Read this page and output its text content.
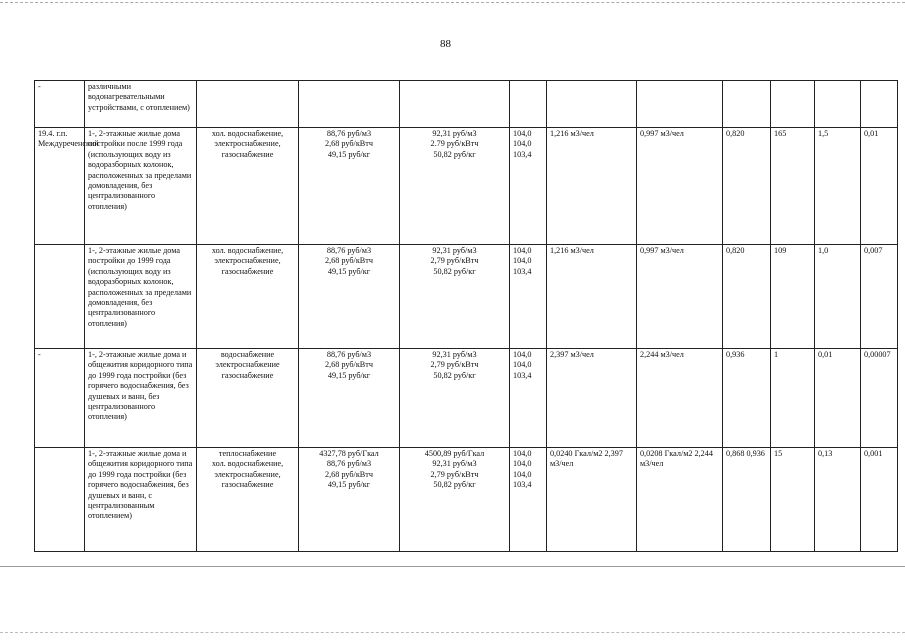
88
-	различными водонагревательными устройствами, с отоплением)										
19.4. г.п. Междуреченский	1-, 2-этажные жилые дома постройки после 1999 года (использующих воду из водоразборных колонок, расположенных за пределами домовладения, без централизованного отопления)	хол. водоснабжение,
электроснабжение,
газоснабжение	88,76 руб/м3
2,68 руб/кВтч
49,15 руб/кг	92,31 руб/м3
2.79 руб/кВтч
50,82 руб/кг	104,0
104,0
103,4	1,216 м3/чел	0,997 м3/чел	0,820	165	1,5	0,01
	1-, 2-этажные жилые дома постройки до 1999 года (использующих воду из водоразборных колонок, расположенных за пределами домовладения, без централизованного отопления)	хол. водоснабжение,
электроснабжение,
газоснабжение	88,76 руб/м3
2,68 руб/кВтч
49,15 руб/кг	92,31 руб/м3
2,79 руб/кВтч
50,82 руб/кг	104,0
104,0
103,4	1,216 м3/чел	0,997 м3/чел	0,820	109	1,0	0,007
-	1-, 2-этажные жилые дома и общежития коридорного типа до 1999 года постройки (без горячего водоснабжения, без душевых и ванн, без централизованного отопления)	водоснабжение
электроснабжение
газоснабжение	88,76 руб/м3
2,68 руб/кВтч
49,15 руб/кг	92,31 руб/м3
2,79 руб/кВтч
50,82 руб/кг	104,0
104,0
103,4	2,397 м3/чел	2,244 м3/чел	0,936	1	0,01	0,00007
	1-, 2-этажные жилые дома и общежития коридорного типа до 1999 года постройки (без горячего водоснабжения, без душевых и ванн, с централизованным отоплением)	теплоснабжение
хол. водоснабжение,
электроснабжение,
газоснабжение	4327,78 руб/Гкал
88,76 руб/м3
2,68 руб/кВтч
49,15 руб/кг	4500,89 руб/Гкал
92,31 руб/м3
2,79 руб/кВтч
50,82 руб/кг	104,0
104,0
104,0
103,4	0,0240 Гкал/м2 2,397 м3/чел	0,0208 Гкал/м2 2,244 м3/чел	0,868 0,936	15	0,13	0,001
